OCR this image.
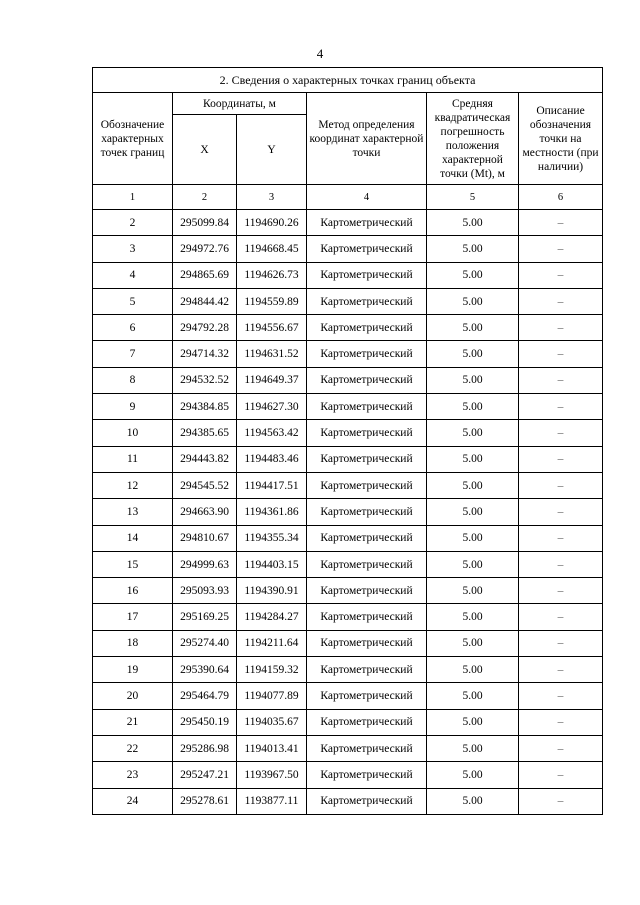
4
2. Сведения о характерных точках границ объекта					
Обозначение характерных точек границ	Координаты, м		Метод определения координат характерной точки	Средняя квадратическая погрешность положения характерной точки (Mt), м	Описание обозначения точки на местности (при наличии)
	X	Y			
1	2	3	4	5	6
2	295099.84	1194690.26	Картометрический	5.00	–
3	294972.76	1194668.45	Картометрический	5.00	–
4	294865.69	1194626.73	Картометрический	5.00	–
5	294844.42	1194559.89	Картометрический	5.00	–
6	294792.28	1194556.67	Картометрический	5.00	–
7	294714.32	1194631.52	Картометрический	5.00	–
8	294532.52	1194649.37	Картометрический	5.00	–
9	294384.85	1194627.30	Картометрический	5.00	–
10	294385.65	1194563.42	Картометрический	5.00	–
11	294443.82	1194483.46	Картометрический	5.00	–
12	294545.52	1194417.51	Картометрический	5.00	–
13	294663.90	1194361.86	Картометрический	5.00	–
14	294810.67	1194355.34	Картометрический	5.00	–
15	294999.63	1194403.15	Картометрический	5.00	–
16	295093.93	1194390.91	Картометрический	5.00	–
17	295169.25	1194284.27	Картометрический	5.00	–
18	295274.40	1194211.64	Картометрический	5.00	–
19	295390.64	1194159.32	Картометрический	5.00	–
20	295464.79	1194077.89	Картометрический	5.00	–
21	295450.19	1194035.67	Картометрический	5.00	–
22	295286.98	1194013.41	Картометрический	5.00	–
23	295247.21	1193967.50	Картометрический	5.00	–
24	295278.61	1193877.11	Картометрический	5.00	–
